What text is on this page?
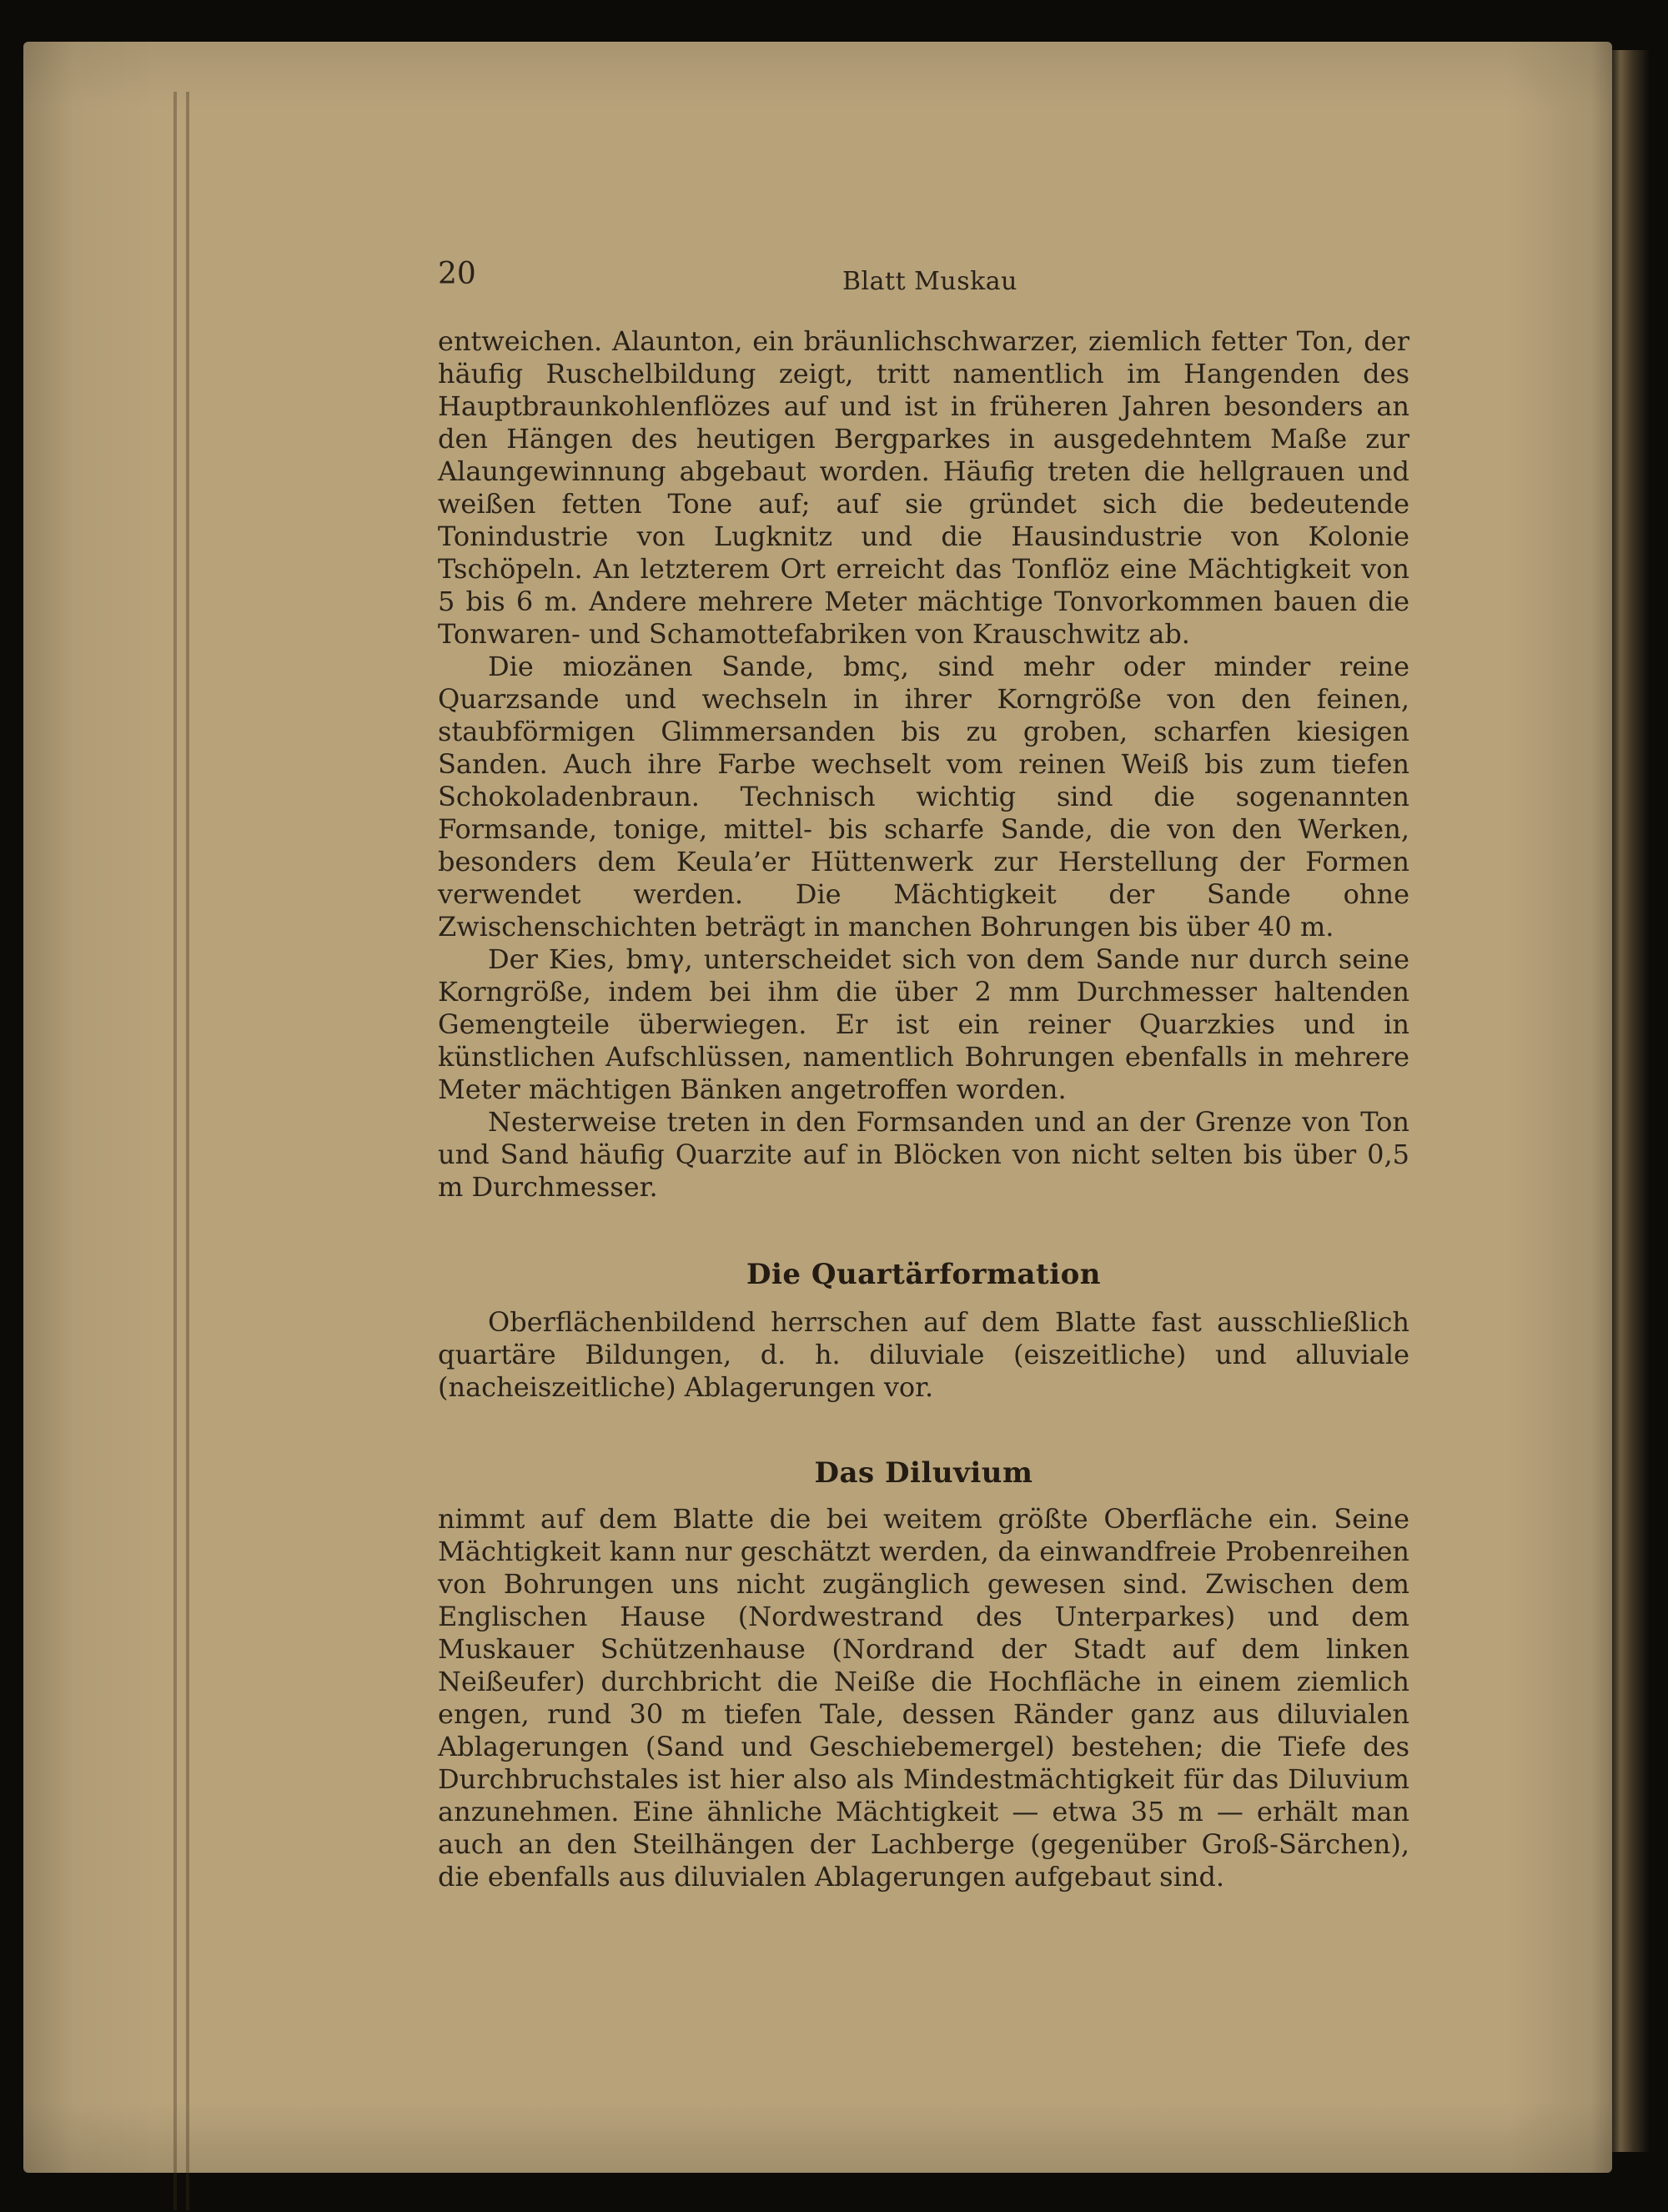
20	Blatt Muskau

entweichen. Alaunton, ein bräunlichschwarzer, ziemlich fetter Ton, der häufig Ruschelbildung zeigt, tritt namentlich im Hangenden des Hauptbraunkohlenflözes auf und ist in früheren Jahren besonders an den Hängen des heutigen Bergparkes in ausgedehntem Maße zur Alaungewinnung abgebaut worden. Häufig treten die hellgrauen und weißen fetten Tone auf; auf sie gründet sich die bedeutende Tonindustrie von Lugknitz und die Hausindustrie von Kolonie Tschöpeln. An letzterem Ort erreicht das Tonflöz eine Mächtigkeit von 5 bis 6 m. Andere mehrere Meter mächtige Tonvorkommen bauen die Tonwaren- und Schamottefabriken von Krauschwitz ab.

Die miozänen Sande, bmς, sind mehr oder minder reine Quarzsande und wechseln in ihrer Korngröße von den feinen, staubförmigen Glimmersanden bis zu groben, scharfen kiesigen Sanden. Auch ihre Farbe wechselt vom reinen Weiß bis zum tiefen Schokoladenbraun. Technisch wichtig sind die sogenannten Formsande, tonige, mittel- bis scharfe Sande, die von den Werken, besonders dem Keula’er Hüttenwerk zur Herstellung der Formen verwendet werden. Die Mächtigkeit der Sande ohne Zwischenschichten beträgt in manchen Bohrungen bis über 40 m.

Der Kies, bmγ, unterscheidet sich von dem Sande nur durch seine Korngröße, indem bei ihm die über 2 mm Durchmesser haltenden Gemengteile überwiegen. Er ist ein reiner Quarzkies und in künstlichen Aufschlüssen, namentlich Bohrungen ebenfalls in mehrere Meter mächtigen Bänken angetroffen worden.

Nesterweise treten in den Formsanden und an der Grenze von Ton und Sand häufig Quarzite auf in Blöcken von nicht selten bis über 0,5 m Durchmesser.

Die Quartärformation

Oberflächenbildend herrschen auf dem Blatte fast ausschließlich quartäre Bildungen, d. h. diluviale (eiszeitliche) und alluviale (nacheiszeitliche) Ablagerungen vor.

Das Diluvium

nimmt auf dem Blatte die bei weitem größte Oberfläche ein. Seine Mächtigkeit kann nur geschätzt werden, da einwandfreie Probenreihen von Bohrungen uns nicht zugänglich gewesen sind. Zwischen dem Englischen Hause (Nordwestrand des Unterparkes) und dem Muskauer Schützenhause (Nordrand der Stadt auf dem linken Neißeufer) durchbricht die Neiße die Hochfläche in einem ziemlich engen, rund 30 m tiefen Tale, dessen Ränder ganz aus diluvialen Ablagerungen (Sand und Geschiebemergel) bestehen; die Tiefe des Durchbruchstales ist hier also als Mindestmächtigkeit für das Diluvium anzunehmen. Eine ähnliche Mächtigkeit — etwa 35 m — erhält man auch an den Steilhängen der Lachberge (gegenüber Groß-Särchen), die ebenfalls aus diluvialen Ablagerungen aufgebaut sind.
